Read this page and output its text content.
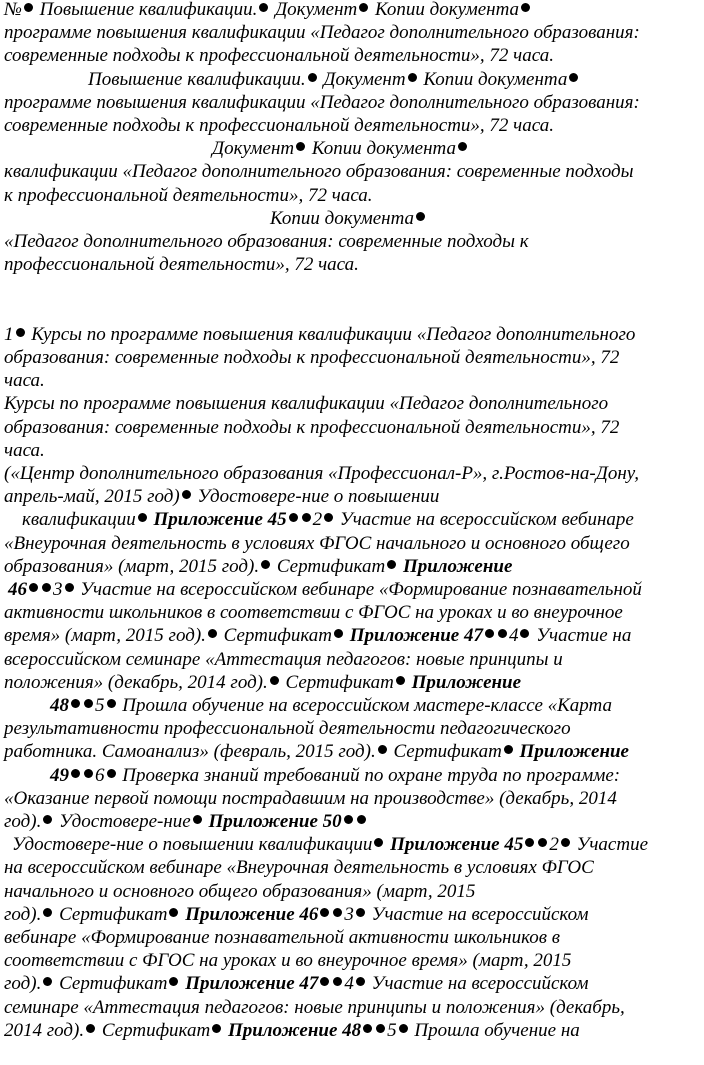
№ Повышение квалификации. Документ Копии документа
программе повышения квалификации «Педагог дополнительного образования:
современные подходы к профессиональной деятельности», 72 часа.
Повышение квалификации. Документ Копии документа
программе повышения квалификации «Педагог дополнительного образования:
современные подходы к профессиональной деятельности», 72 часа.
Документ Копии документа
квалификации «Педагог дополнительного образования: современные подходы
к профессиональной деятельности», 72 часа.
Копии документа
«Педагог дополнительного образования: современные подходы к
профессиональной деятельности», 72 часа.
1 Курсы по программе повышения квалификации «Педагог дополнительного
образования: современные подходы к профессиональной деятельности», 72
часа.
Курсы по программе повышения квалификации «Педагог дополнительного
образования: современные подходы к профессиональной деятельности», 72
часа.
(«Центр дополнительного образования «Профессионал-Р», г.Ростов-на-Дону,
апрель-май, 2015 год) Удостовере-ние о повышении
квалификации Приложение 45 2 Участие на всероссийском вебинаре
«Внеурочная деятельность в условиях ФГОС начального и основного общего
образования» (март, 2015 год). Сертификат Приложение
46 3 Участие на всероссийском вебинаре «Формирование познавательной
активности школьников в соответствии с ФГОС на уроках и во внеурочное
время» (март, 2015 год). Сертификат Приложение 47 4 Участие на
всероссийском семинаре «Аттестация педагогов: новые принципы и
положения» (декабрь, 2014 год). Сертификат Приложение
48 5 Прошла обучение на всероссийском мастере-классе «Карта
результативности профессиональной деятельности педагогического
работника. Самоанализ» (февраль, 2015 год). Сертификат Приложение
49 6 Проверка знаний требований по охране труда по программе:
«Оказание первой помощи пострадавшим на производстве» (декабрь, 2014
год). Удостовере-ние Приложение 50
Удостовере-ние о повышении квалификации Приложение 45 2 Участие
на всероссийском вебинаре «Внеурочная деятельность в условиях ФГОС
начального и основного общего образования» (март, 2015
год). Сертификат Приложение 46 3 Участие на всероссийском
вебинаре «Формирование познавательной активности школьников в
соответствии с ФГОС на уроках и во внеурочное время» (март, 2015
год). Сертификат Приложение 47 4 Участие на всероссийском
семинаре «Аттестация педагогов: новые принципы и положения» (декабрь,
2014 год). Сертификат Приложение 48 5 Прошла обучение на
